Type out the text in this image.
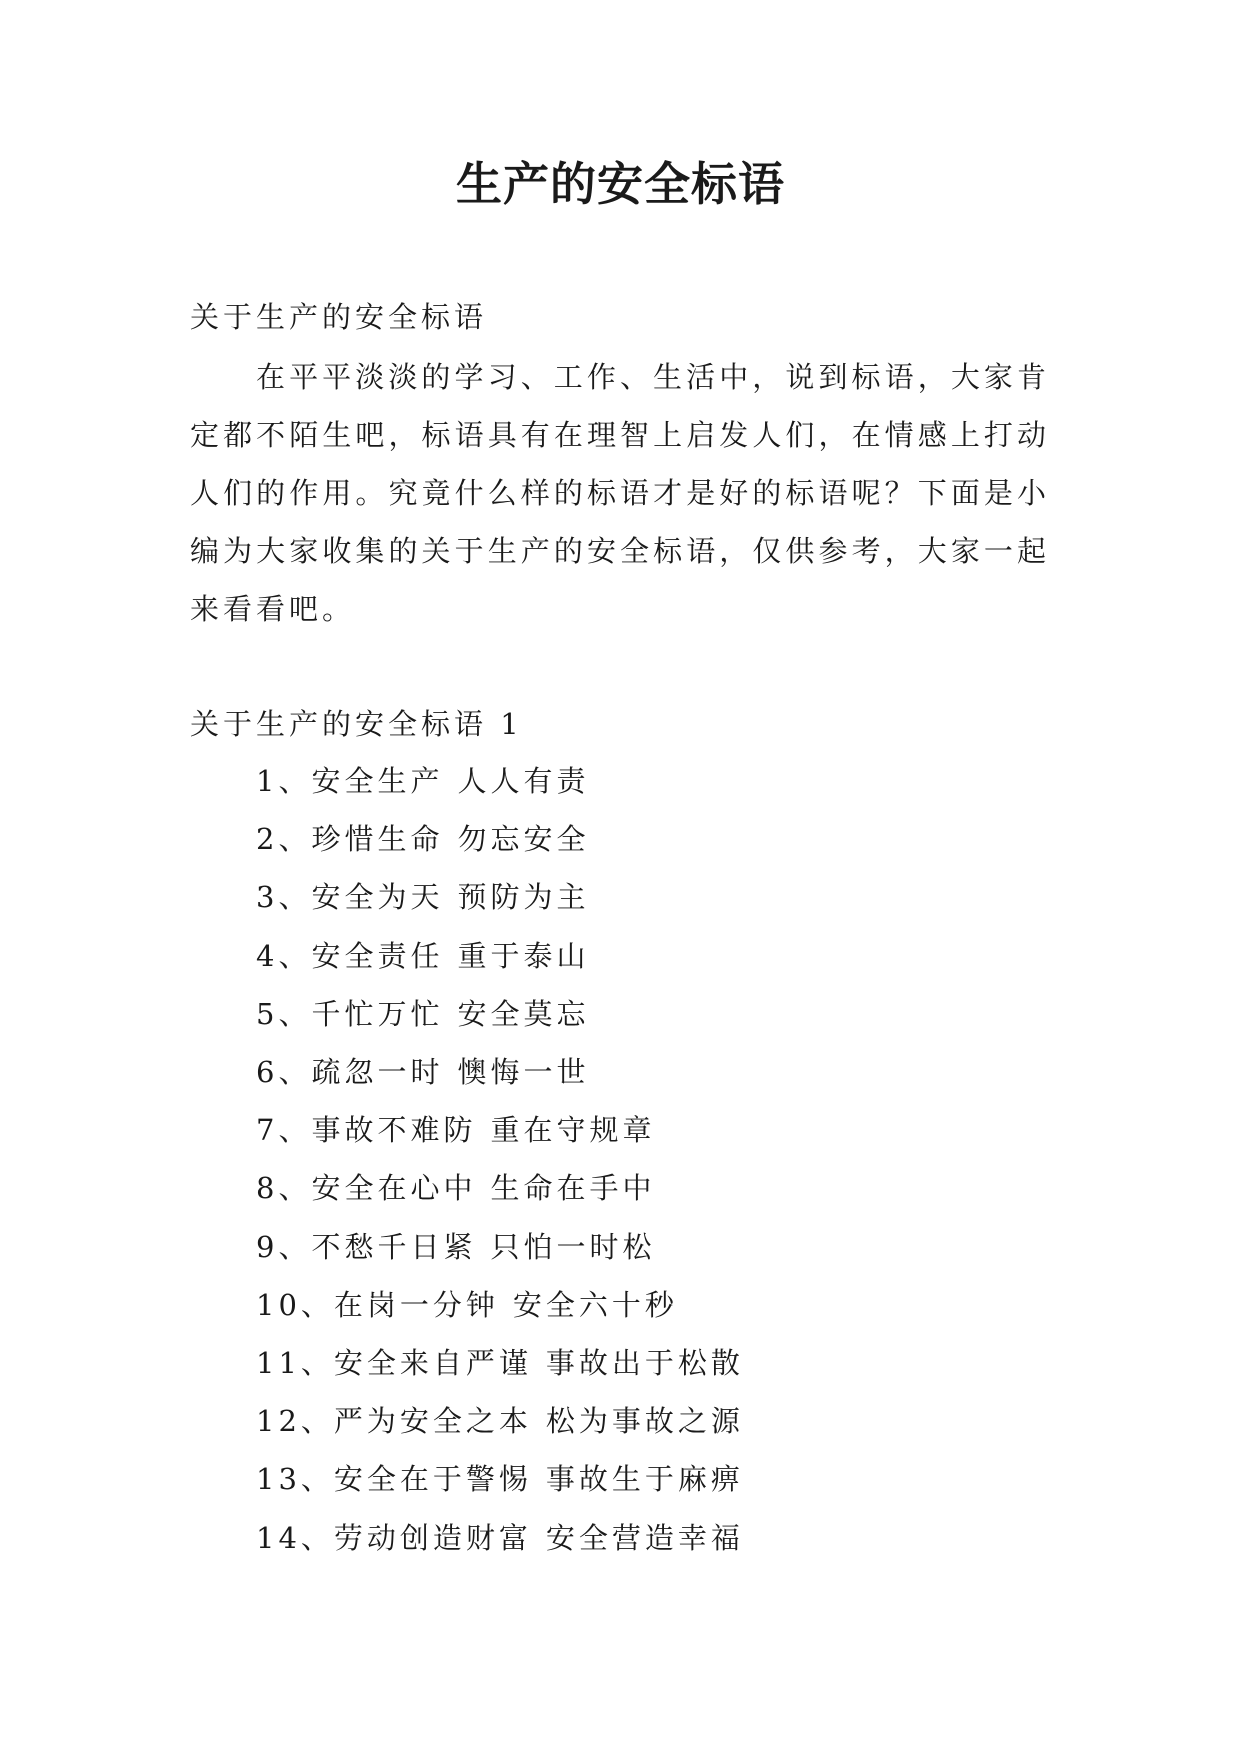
生产的安全标语
关于生产的安全标语

在平平淡淡的学习、工作、生活中，说到标语，大家肯定都不陌生吧，标语具有在理智上启发人们，在情感上打动人们的作用。究竟什么样的标语才是好的标语呢？下面是小编为大家收集的关于生产的安全标语，仅供参考，大家一起来看看吧。

关于生产的安全标语 1
1、安全生产 人人有责
2、珍惜生命 勿忘安全
3、安全为天 预防为主
4、安全责任 重于泰山
5、千忙万忙 安全莫忘
6、疏忽一时 懊悔一世
7、事故不难防 重在守规章
8、安全在心中 生命在手中
9、不愁千日紧 只怕一时松
10、在岗一分钟 安全六十秒
11、安全来自严谨 事故出于松散
12、严为安全之本 松为事故之源
13、安全在于警惕 事故生于麻痹
14、劳动创造财富 安全营造幸福
